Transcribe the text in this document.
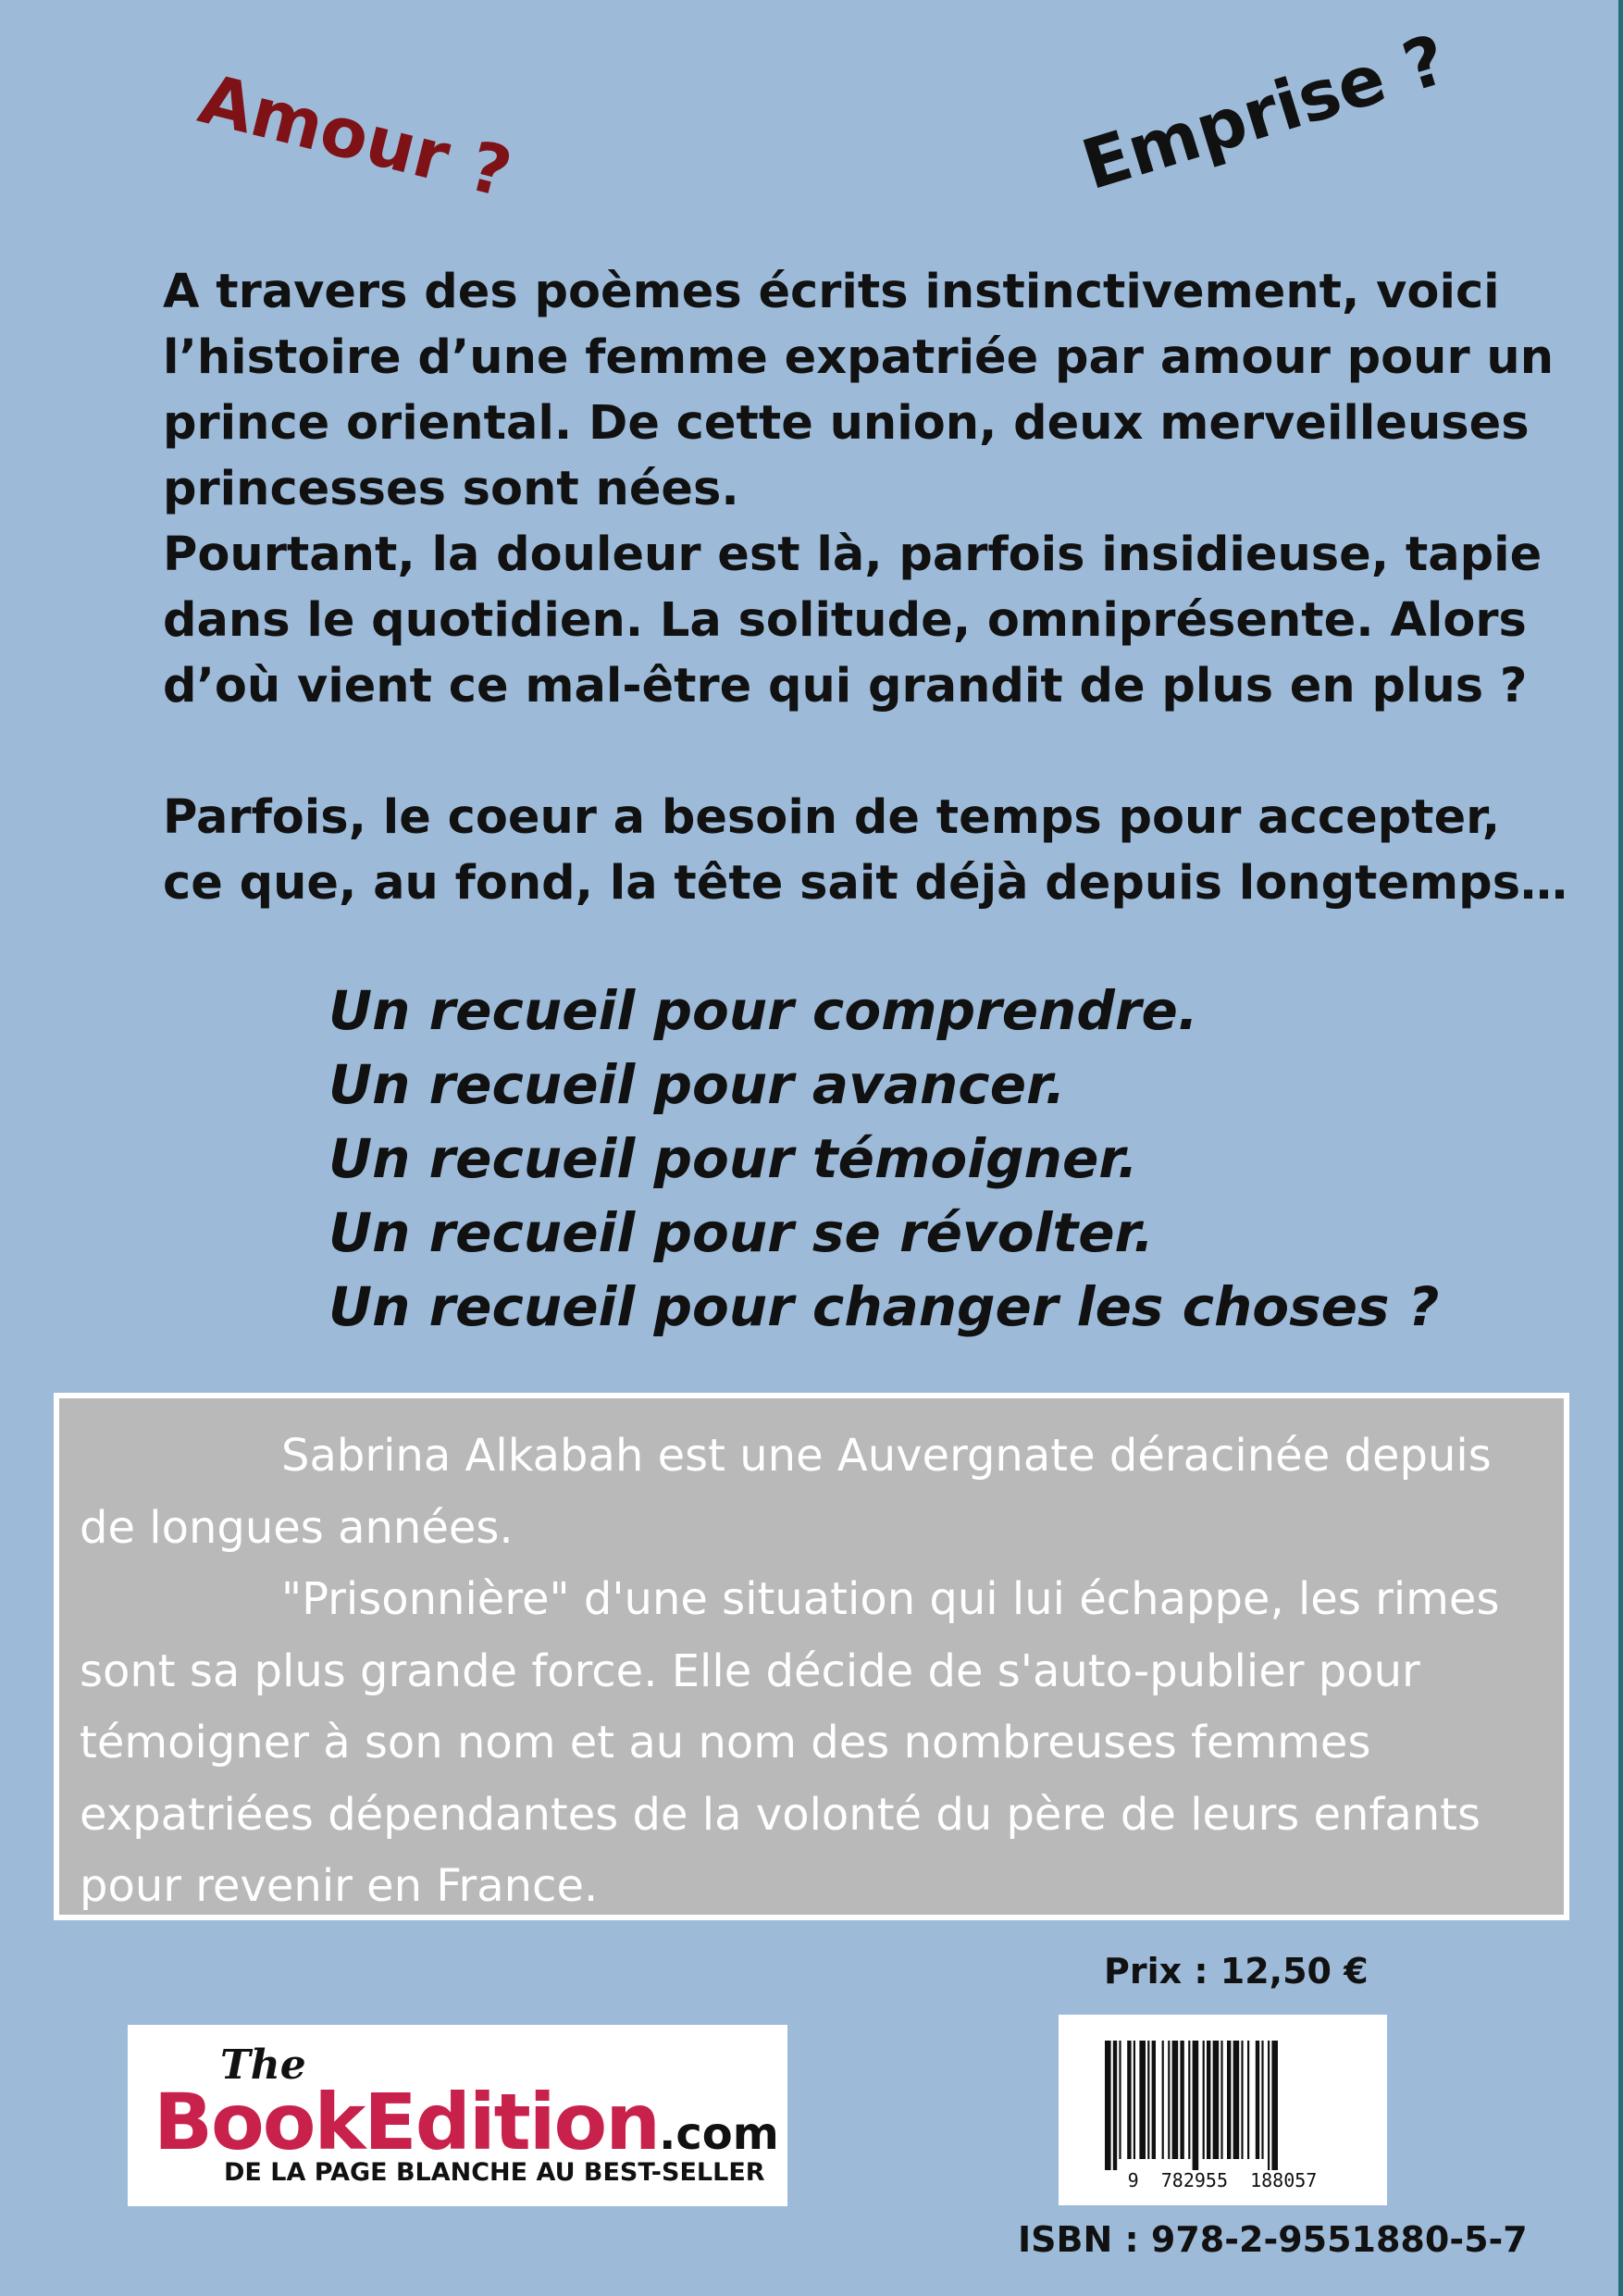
Amour ?	Emprise ?

A travers des poèmes écrits instinctivement, voici

l’histoire d’une femme expatriée par amour pour un

prince oriental. De cette union, deux merveilleuses

princesses sont nées.

Pourtant, la douleur est là, parfois insidieuse, tapie

dans le quotidien. La solitude, omniprésente. Alors

d’où vient ce mal-être qui grandit de plus en plus ?

Parfois, le coeur a besoin de temps pour accepter,

ce que, au fond, la tête sait déjà depuis longtemps…

Un recueil pour comprendre.
Un recueil pour avancer.
Un recueil pour témoigner.
Un recueil pour se révolter.
Un recueil pour changer les choses ?

Sabrina Alkabah est une Auvergnate déracinée depuis de longues années.

"Prisonnière" d'une situation qui lui échappe, les rimes sont sa plus grande force. Elle décide de s'auto-publier pour témoigner à son nom et au nom des nombreuses femmes expatriées dépendantes de la volonté du père de leurs enfants pour revenir en France.

Prix : 12,50 €
9  782955  188057
ISBN : 978-2-9551880-5-7
The
BookEdition.com
DE LA PAGE BLANCHE AU BEST-SELLER
